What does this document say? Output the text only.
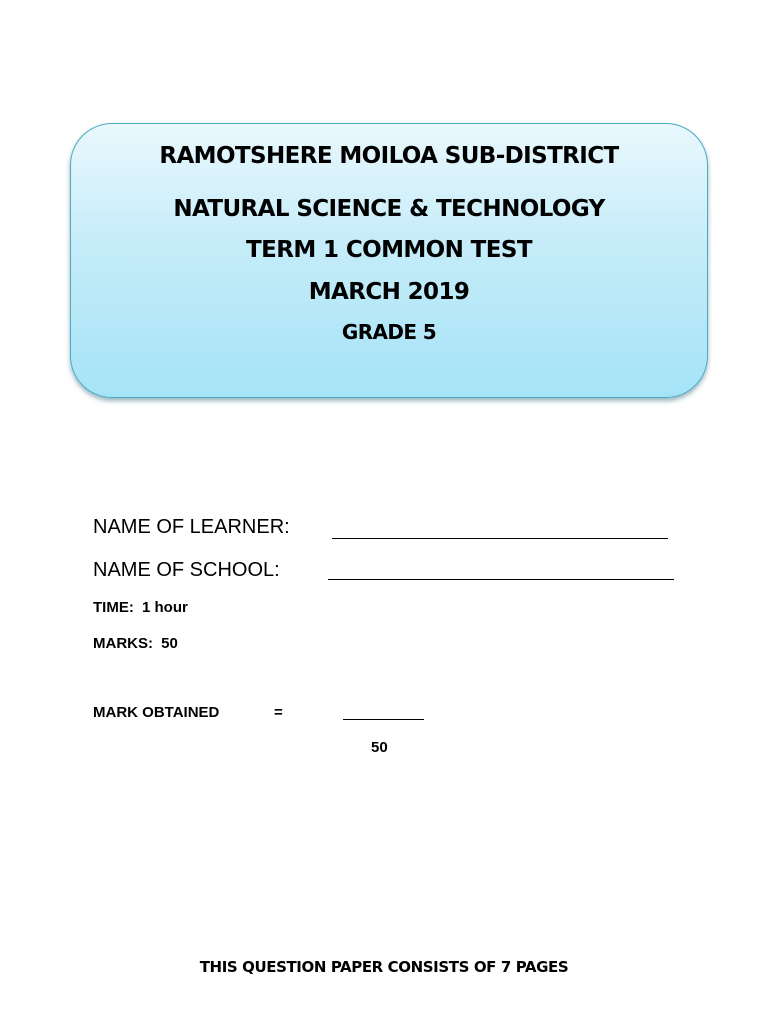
RAMOTSHERE MOILOA SUB-DISTRICT
NATURAL SCIENCE & TECHNOLOGY
TERM 1 COMMON TEST
MARCH 2019
GRADE 5
NAME OF LEARNER:
NAME OF SCHOOL:
TIME: 1 hour
MARKS: 50
MARK OBTAINED	=
50
THIS QUESTION PAPER CONSISTS OF 7 PAGES
